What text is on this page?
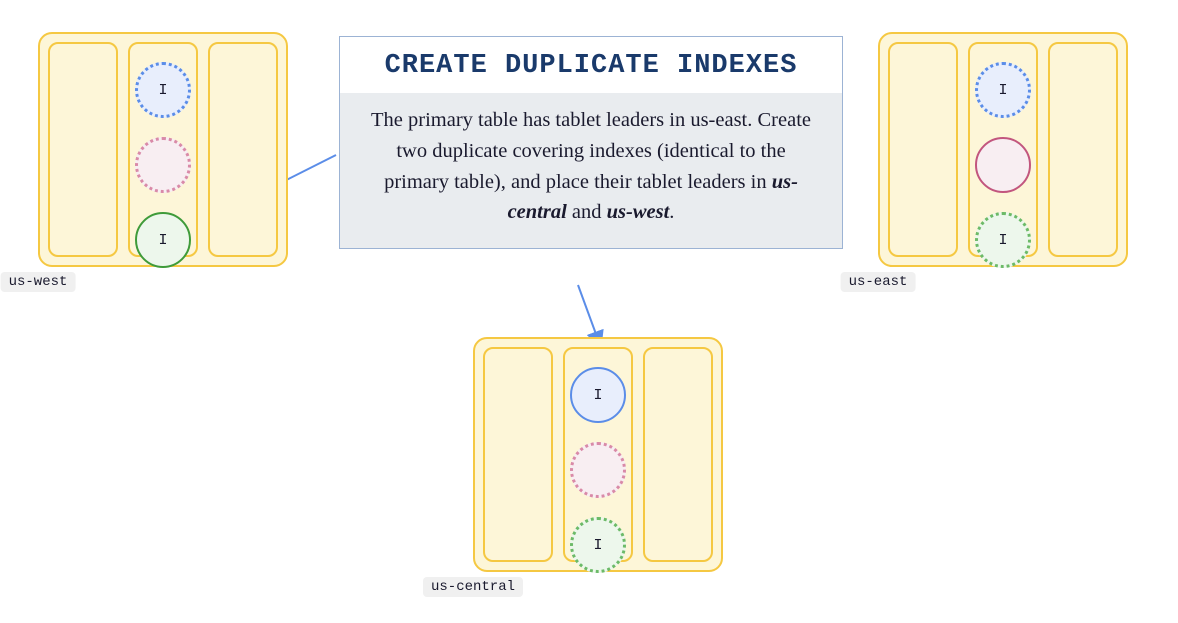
I
I
us-west
I
I
us-east
I
I
us-central
CREATE DUPLICATE INDEXES
The primary table has tablet leaders in us-east. Create two duplicate covering indexes (identical to the primary table), and place their tablet leaders in us-central and us-west.
